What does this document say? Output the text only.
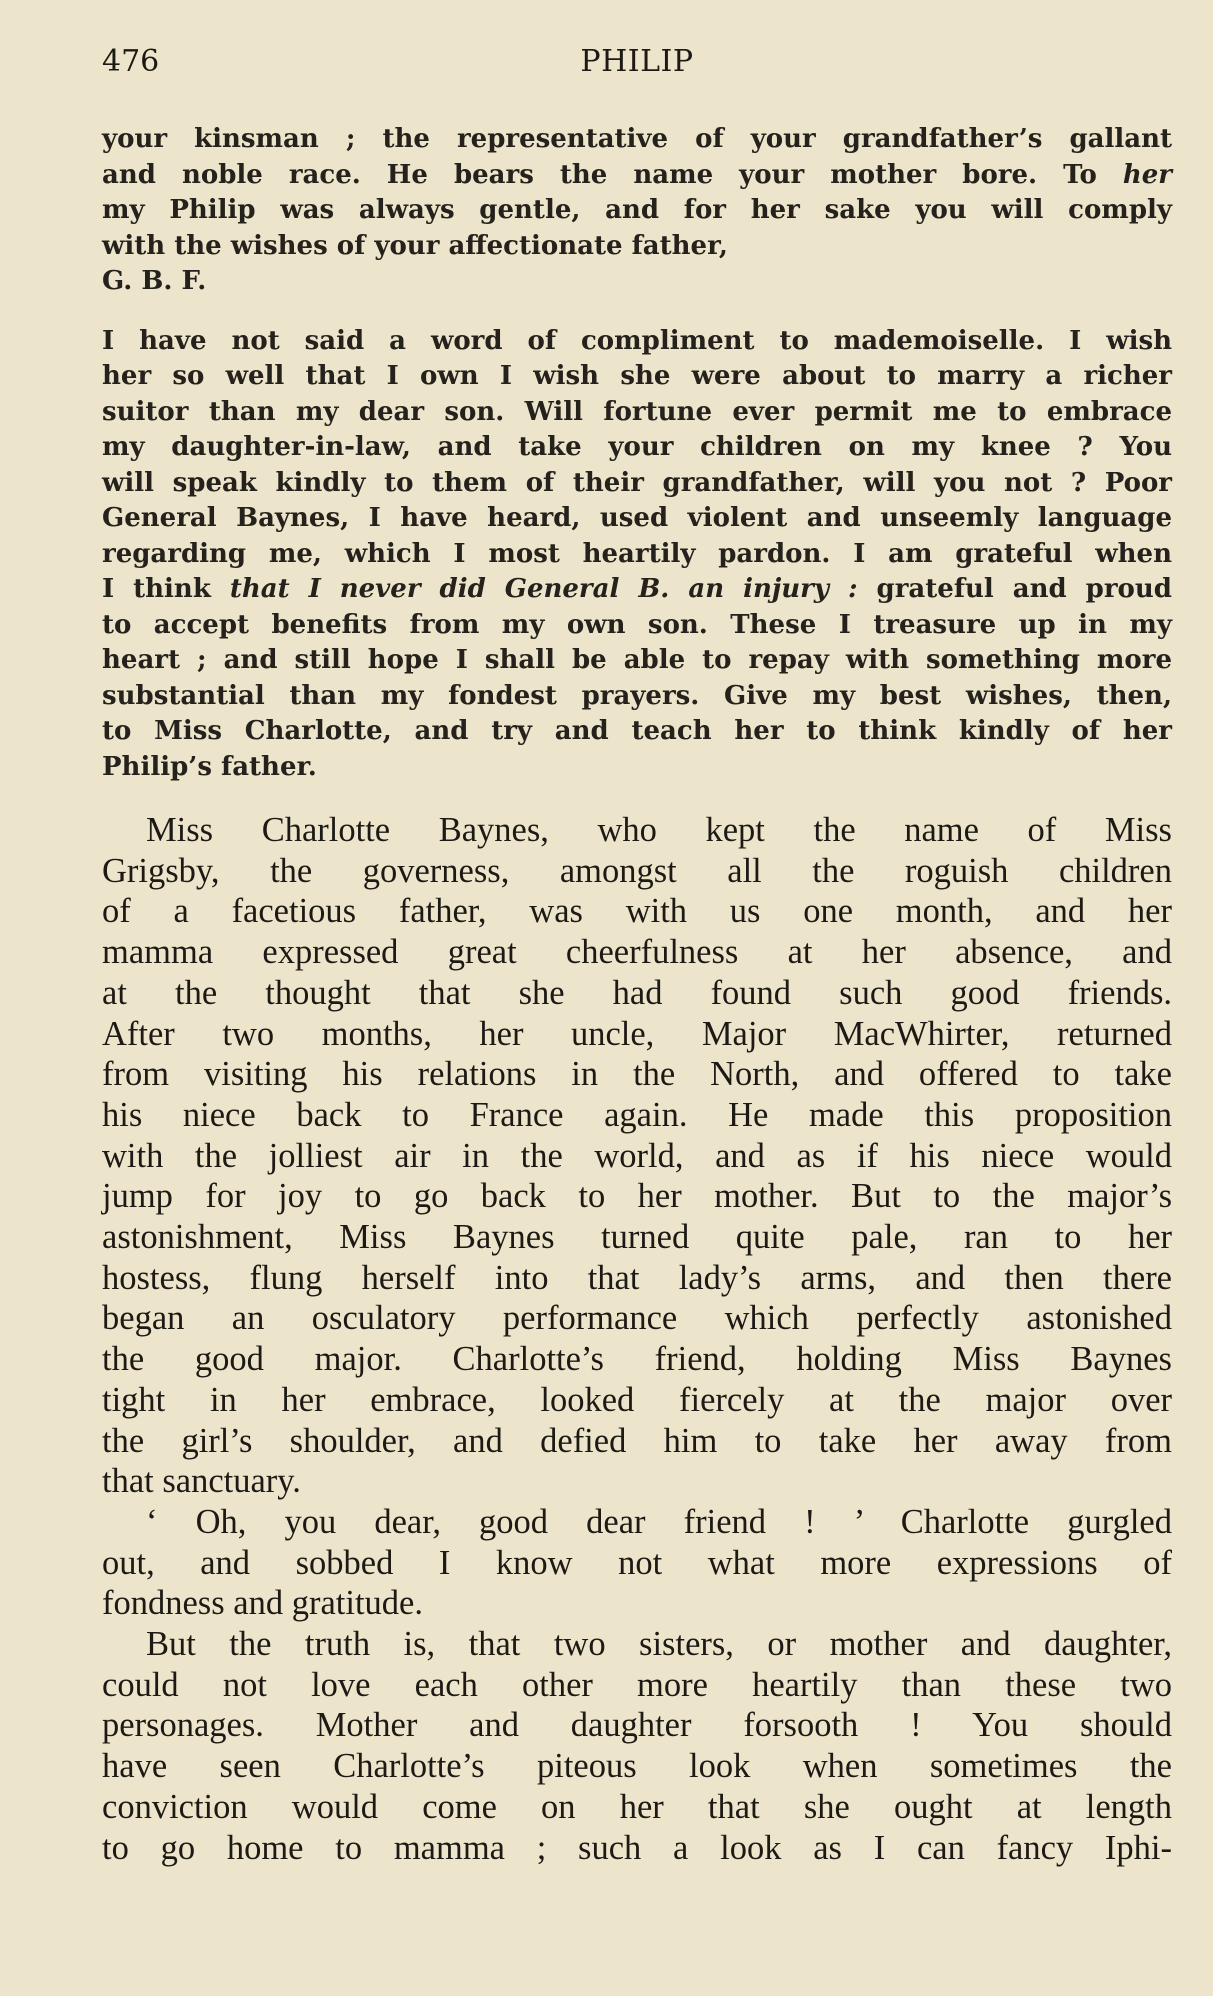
476	PHILIP

your kinsman ; the representative of your grandfather’s gallant
and noble race. He bears the name your mother bore. To her
my Philip was always gentle, and for her sake you will comply
with the wishes of your affectionate father,
G. B. F.

I have not said a word of compliment to mademoiselle. I wish
her so well that I own I wish she were about to marry a richer
suitor than my dear son. Will fortune ever permit me to embrace
my daughter-in-law, and take your children on my knee ? You
will speak kindly to them of their grandfather, will you not ? Poor
General Baynes, I have heard, used violent and unseemly language
regarding me, which I most heartily pardon. I am grateful when
I think that I never did General B. an injury : grateful and proud
to accept benefits from my own son. These I treasure up in my
heart ; and still hope I shall be able to repay with something more
substantial than my fondest prayers. Give my best wishes, then,
to Miss Charlotte, and try and teach her to think kindly of her
Philip’s father.

Miss Charlotte Baynes, who kept the name of Miss
Grigsby, the governess, amongst all the roguish children
of a facetious father, was with us one month, and her
mamma expressed great cheerfulness at her absence, and
at the thought that she had found such good friends.
After two months, her uncle, Major MacWhirter, returned
from visiting his relations in the North, and offered to take
his niece back to France again. He made this proposition
with the jolliest air in the world, and as if his niece would
jump for joy to go back to her mother. But to the major’s
astonishment, Miss Baynes turned quite pale, ran to her
hostess, flung herself into that lady’s arms, and then there
began an osculatory performance which perfectly astonished
the good major. Charlotte’s friend, holding Miss Baynes
tight in her embrace, looked fiercely at the major over
the girl’s shoulder, and defied him to take her away from
that sanctuary.
‘ Oh, you dear, good dear friend ! ’ Charlotte gurgled
out, and sobbed I know not what more expressions of
fondness and gratitude.
But the truth is, that two sisters, or mother and daughter,
could not love each other more heartily than these two
personages. Mother and daughter forsooth ! You should
have seen Charlotte’s piteous look when sometimes the
conviction would come on her that she ought at length
to go home to mamma ; such a look as I can fancy Iphi-
